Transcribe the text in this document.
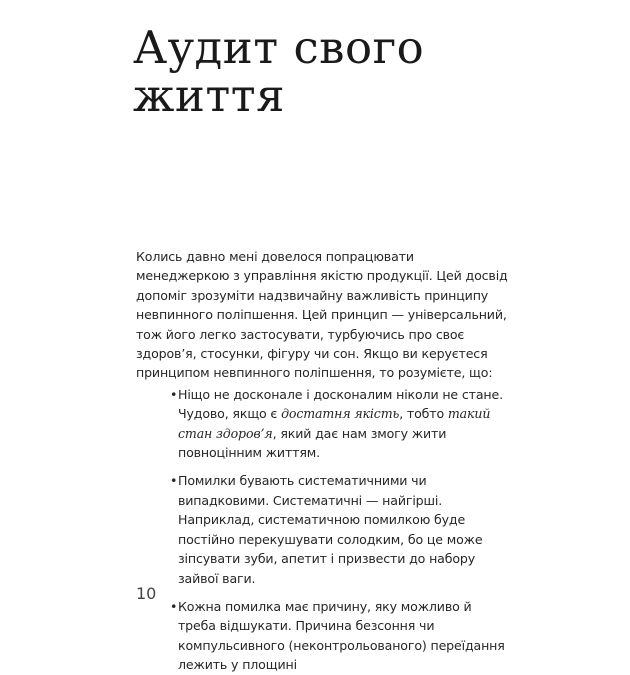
Аудит свого
життя

Колись давно мені довелося попрацювати менеджеркою з управління якістю продукції. Цей досвід допоміг зрозуміти надзвичайну важливість принципу невпинного поліпшення. Цей принцип — універсальний, тож його легко застосувати, турбуючись про своє здоров’я, стосунки, фігуру чи сон. Якщо ви керуєтеся принципом невпинного поліпшення, то розумієте, що:

• Ніщо не досконале і досконалим ніколи не стане. Чудово, якщо є достатня якість, тобто такий стан здоров’я, який дає нам змогу жити повноцінним життям.
• Помилки бувають систематичними чи випадковими. Систематичні — найгірші. Наприклад, систематичною помилкою буде постійно перекушувати солодким, бо це може зіпсувати зуби, апетит і призвести до набору зайвої ваги.
• Кожна помилка має причину, яку можливо й треба відшукати. Причина безсоння чи компульсивного (неконтрольованого) переїдання лежить у площині
10
